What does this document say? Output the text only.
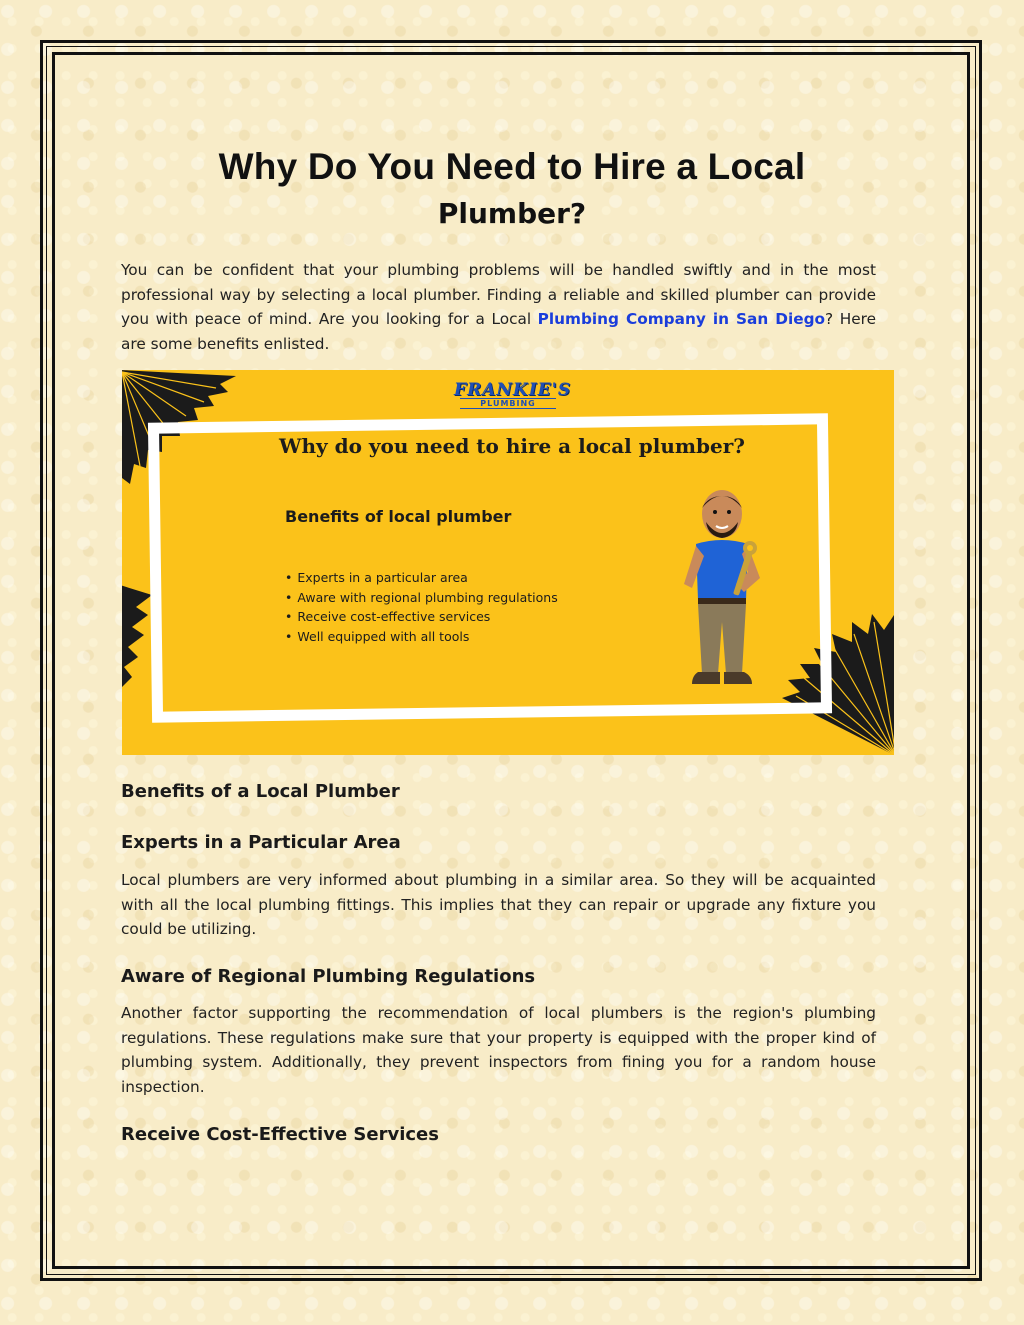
Why Do You Need to Hire a Local
Plumber?

You can be confident that your plumbing problems will be handled swiftly and in the most professional way by selecting a local plumber. Finding a reliable and skilled plumber can provide you with peace of mind. Are you looking for a Local Plumbing Company in San Diego? Here are some benefits enlisted.

FRANKIE'S
PLUMBING
Why do you need to hire a local plumber?
Benefits of local plumber
• Experts in a particular area
• Aware with regional plumbing regulations
• Receive cost-effective services
• Well equipped with all tools
Benefits of a Local Plumber
Experts in a Particular Area

Local plumbers are very informed about plumbing in a similar area. So they will be acquainted with all the local plumbing fittings. This implies that they can repair or upgrade any fixture you could be utilizing.

Aware of Regional Plumbing Regulations

Another factor supporting the recommendation of local plumbers is the region's plumbing regulations. These regulations make sure that your property is equipped with the proper kind of plumbing system. Additionally, they prevent inspectors from fining you for a random house inspection.

Receive Cost-Effective Services
